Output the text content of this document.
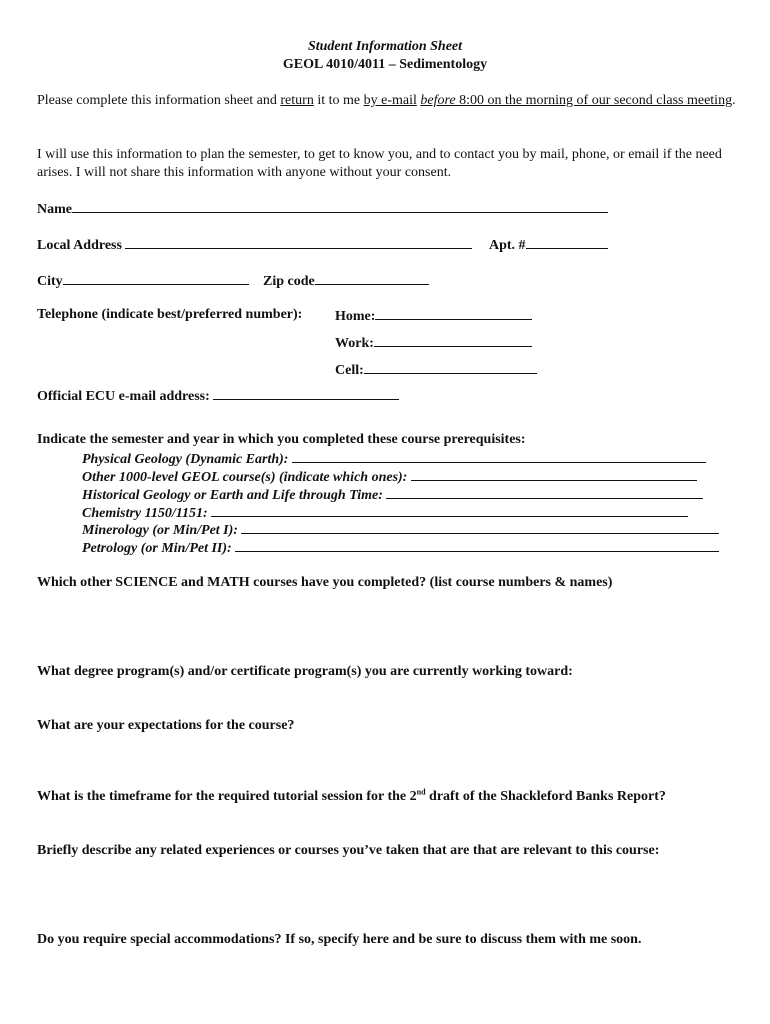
Student Information Sheet
GEOL 4010/4011 – Sedimentology
Please complete this information sheet and return it to me by e-mail before 8:00 on the morning of our second class meeting.
I will use this information to plan the semester, to get to know you, and to contact you by mail, phone, or email if the need arises. I will not share this information with anyone without your consent.
Name
Local Address	Apt. #
City	Zip code
Telephone (indicate best/preferred number): Home:
Work:
Cell:
Official ECU e-mail address:
Indicate the semester and year in which you completed these course prerequisites:
Physical Geology (Dynamic Earth):
Other 1000-level GEOL course(s) (indicate which ones):
Historical Geology or Earth and Life through Time:
Chemistry 1150/1151:
Minerology (or Min/Pet I):
Petrology (or Min/Pet II):
Which other SCIENCE and MATH courses have you completed? (list course numbers & names)
What degree program(s) and/or certificate program(s) you are currently working toward:
What are your expectations for the course?
What is the timeframe for the required tutorial session for the 2nd draft of the Shackleford Banks Report?
Briefly describe any related experiences or courses you’ve taken that are that are relevant to this course:
Do you require special accommodations? If so, specify here and be sure to discuss them with me soon.
